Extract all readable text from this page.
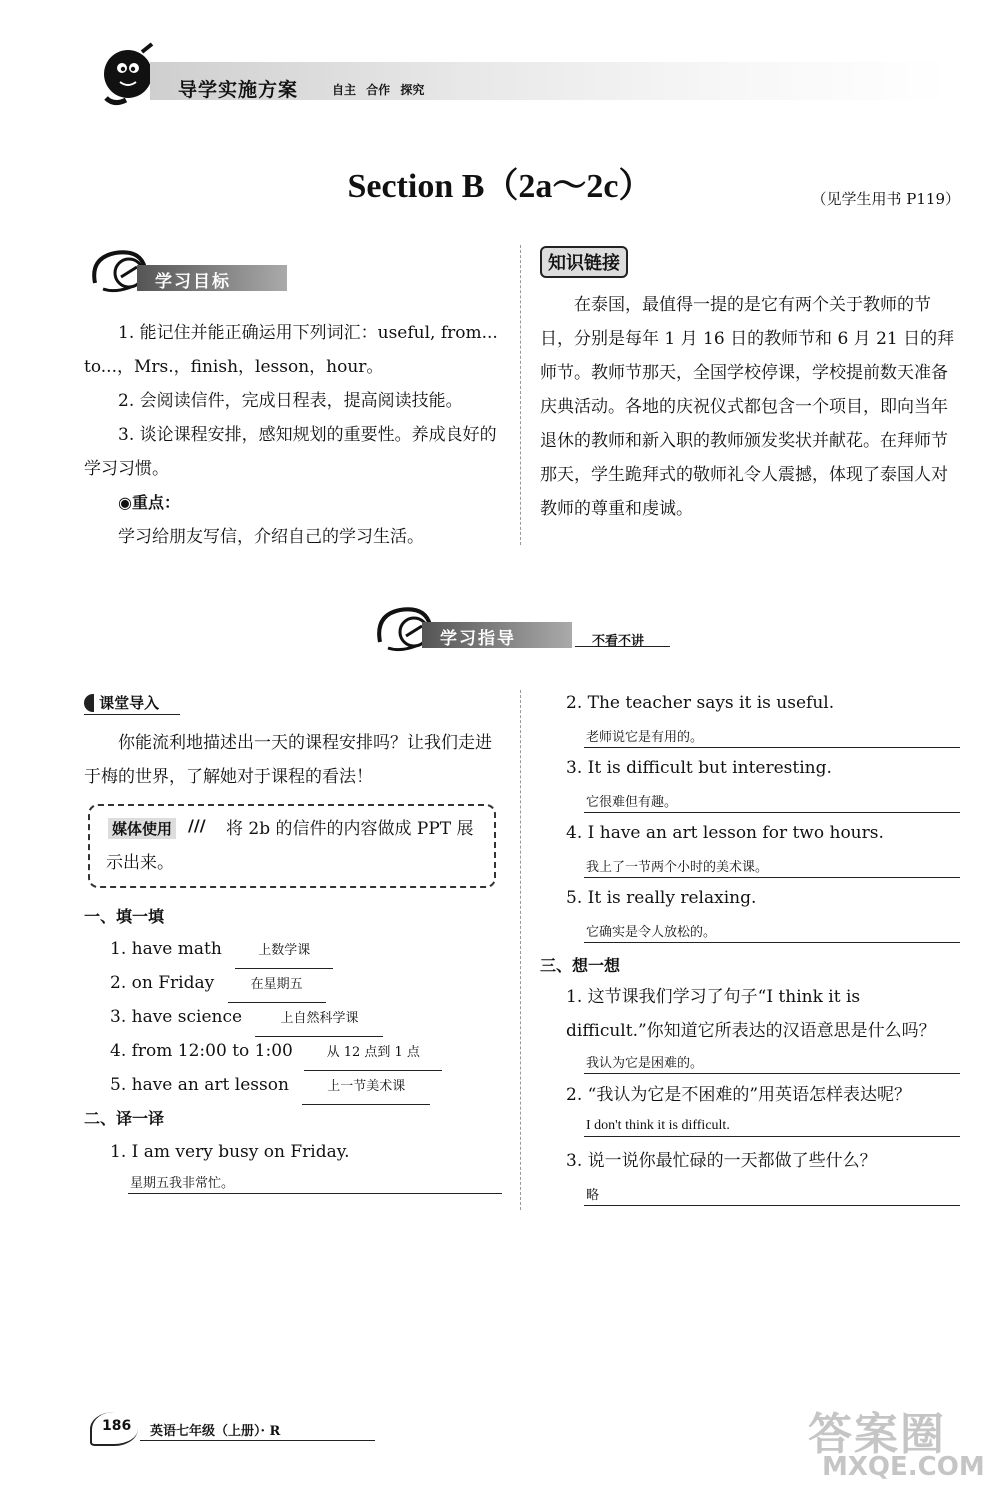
导学实施方案	自主 合作 探究
Section B（2a～2c）	（见学生用书 P119）
学习目标
1. 能记住并能正确运用下列词汇：useful, from... to...，Mrs.，finish，lesson，hour。
2. 会阅读信件，完成日程表，提高阅读技能。
3. 谈论课程安排，感知规划的重要性。养成良好的学习习惯。
◉重点：
学习给朋友写信，介绍自己的学习生活。
知识链接
在泰国，最值得一提的是它有两个关于教师的节日，分别是每年 1 月 16 日的教师节和 6 月 21 日的拜师节。教师节那天，全国学校停课，学校提前数天准备庆典活动。各地的庆祝仪式都包含一个项目，即向当年退休的教师和新入职的教师颁发奖状并献花。在拜师节那天，学生跪拜式的敬师礼令人震撼，体现了泰国人对教师的尊重和虔诚。
学习指导	不看不讲
课堂导入
你能流利地描述出一天的课程安排吗？让我们走进于梅的世界，了解她对于课程的看法！
媒体使用 ///	将 2b 的信件的内容做成 PPT 展示出来。
一、填一填
1. have math	上数学课
2. on Friday	在星期五
3. have science	上自然科学课
4. from 12:00 to 1:00	从 12 点到 1 点
5. have an art lesson	上一节美术课
二、译一译
1. I am very busy on Friday.
星期五我非常忙。
2. The teacher says it is useful.
老师说它是有用的。
3. It is difficult but interesting.
它很难但有趣。
4. I have an art lesson for two hours.
我上了一节两个小时的美术课。
5. It is really relaxing.
它确实是令人放松的。
三、想一想
1. 这节课我们学习了句子“I think it is difficult.”你知道它所表达的汉语意思是什么吗？
我认为它是困难的。
2. “我认为它是不困难的”用英语怎样表达呢？
I don't think it is difficult.
3. 说一说你最忙碌的一天都做了些什么？
略
186 英语七年级（上册）· R	答案圈
MXQE.COM
